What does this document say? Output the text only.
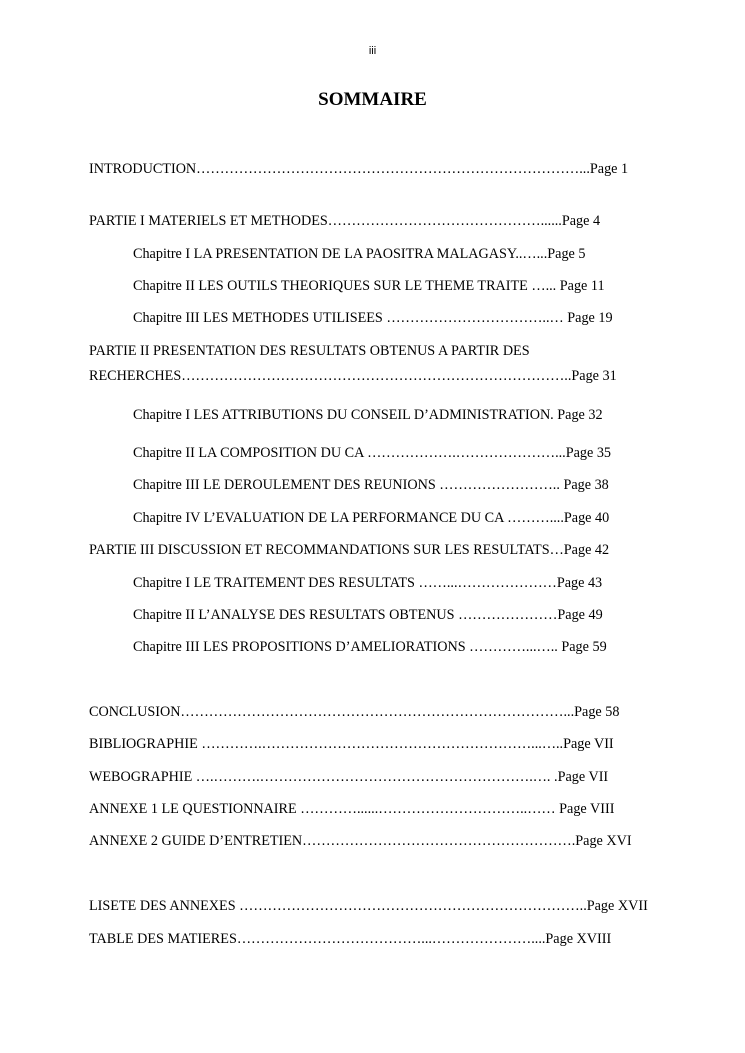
iii
SOMMAIRE
INTRODUCTION………………………………………………………………………...Page 1
PARTIE I MATERIELS ET METHODES………………………………………......Page 4
Chapitre I LA PRESENTATION DE LA PAOSITRA MALAGASY..…...Page 5
Chapitre II LES OUTILS THEORIQUES SUR LE THEME TRAITE …... Page 11
Chapitre III LES METHODES UTILISEES ……………………………..… Page 19
PARTIE II PRESENTATION DES RESULTATS OBTENUS A PARTIR DES
RECHERCHES………………………………………………………………………..Page 31
Chapitre I LES ATTRIBUTIONS DU CONSEIL D’ADMINISTRATION. Page 32
Chapitre II LA COMPOSITION DU CA ……………….…………………...Page 35
Chapitre III LE DEROULEMENT DES REUNIONS …………………….. Page 38
Chapitre IV L’EVALUATION DE LA PERFORMANCE DU CA ………....Page 40
PARTIE III DISCUSSION ET RECOMMANDATIONS SUR LES RESULTATS…Page 42
Chapitre I LE TRAITEMENT DES RESULTATS ……...…………………Page 43
Chapitre II L’ANALYSE DES RESULTATS OBTENUS …………………Page 49
Chapitre III LES PROPOSITIONS D’AMELIORATIONS …………...….. Page 59
CONCLUSION………………………………………………………………………...Page 58
BIBLIOGRAPHIE ………….…………………………………………………...…..Page VII
WEBOGRAPHIE ….……….………………………………………………….…. .Page VII
ANNEXE 1 LE QUESTIONNAIRE …………......…………………………..…… Page VIII
ANNEXE 2 GUIDE D’ENTRETIEN………………………………………………….Page XVI
LISETE DES ANNEXES ………………………………………………………………..Page XVII
TABLE DES MATIERES…………………………………...…………………....Page XVIII
